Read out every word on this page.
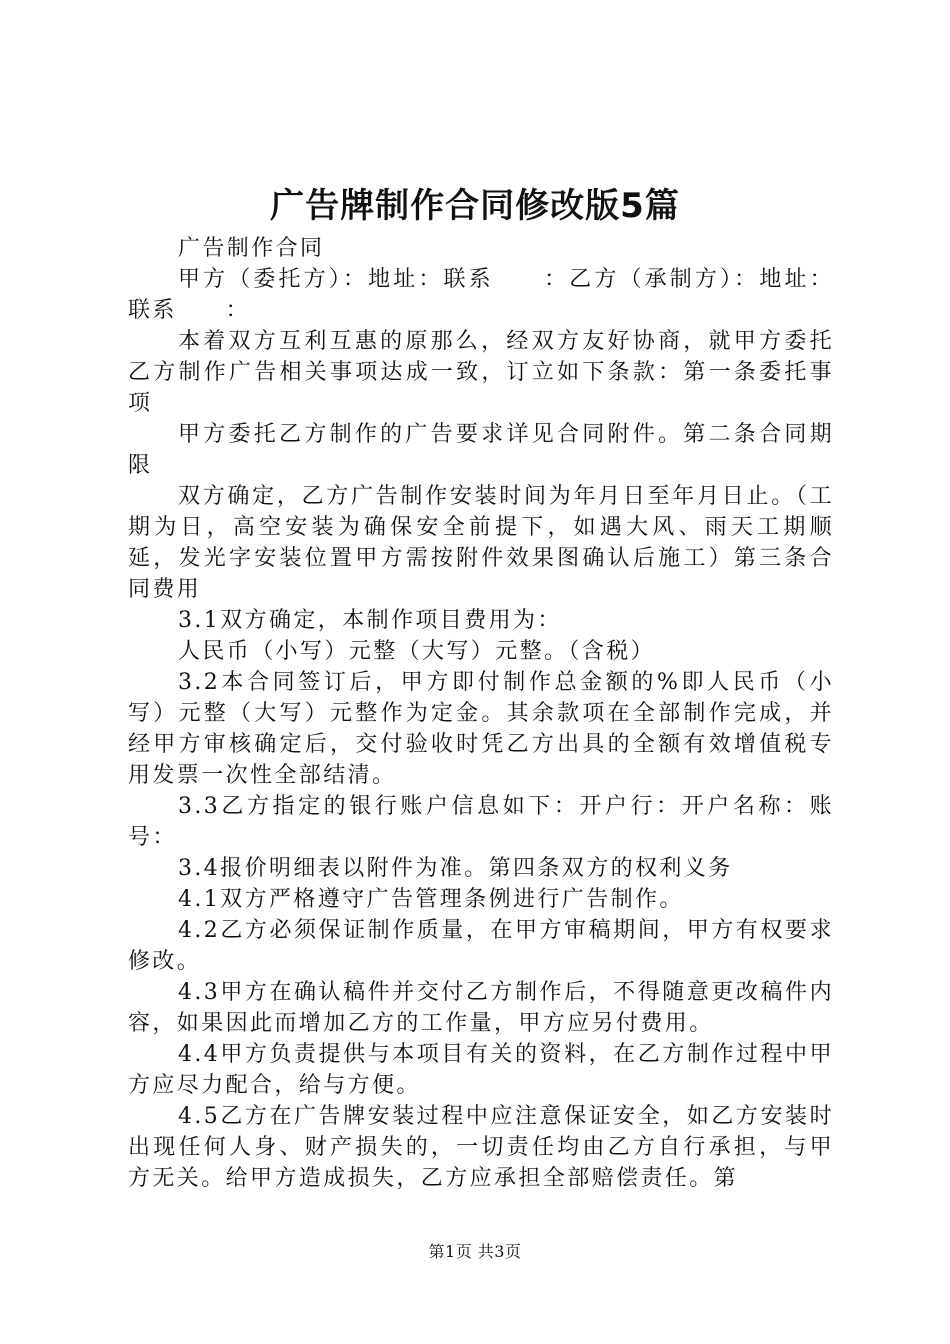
广告牌制作合同修改版5篇

广告制作合同

甲方（委托方）：地址：联系　　：乙方（承制方）：地址：联系　　：

本着双方互利互惠的原那么，经双方友好协商，就甲方委托乙方制作广告相关事项达成一致，订立如下条款：第一条委托事项

甲方委托乙方制作的广告要求详见合同附件。第二条合同期限

双方确定，乙方广告制作安装时间为年月日至年月日止。（工期为日，高空安装为确保安全前提下，如遇大风、雨天工期顺延，发光字安装位置甲方需按附件效果图确认后施工）第三条合同费用

3.1双方确定，本制作项目费用为：

人民币（小写）元整（大写）元整。（含税）

3.2本合同签订后，甲方即付制作总金额的%即人民币（小写）元整（大写）元整作为定金。其余款项在全部制作完成，并经甲方审核确定后，交付验收时凭乙方出具的全额有效增值税专用发票一次性全部结清。

3.3乙方指定的银行账户信息如下：开户行：开户名称：账号：

3.4报价明细表以附件为准。第四条双方的权利义务

4.1双方严格遵守广告管理条例进行广告制作。

4.2乙方必须保证制作质量，在甲方审稿期间，甲方有权要求修改。

4.3甲方在确认稿件并交付乙方制作后，不得随意更改稿件内容，如果因此而增加乙方的工作量，甲方应另付费用。

4.4甲方负责提供与本项目有关的资料，在乙方制作过程中甲方应尽力配合，给与方便。

4.5乙方在广告牌安装过程中应注意保证安全，如乙方安装时出现任何人身、财产损失的，一切责任均由乙方自行承担，与甲方无关。给甲方造成损失，乙方应承担全部赔偿责任。第

第1页 共3页
